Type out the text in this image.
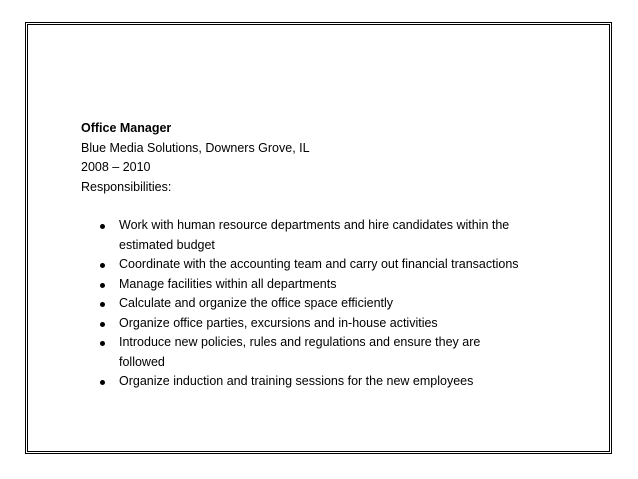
Office Manager
Blue Media Solutions, Downers Grove, IL
2008 – 2010
Responsibilities:
Work with human resource departments and hire candidates within the estimated budget
Coordinate with the accounting team and carry out financial transactions
Manage facilities within all departments
Calculate and organize the office space efficiently
Organize office parties, excursions and in-house activities
Introduce new policies, rules and regulations and ensure they are followed
Organize induction and training sessions for the new employees
